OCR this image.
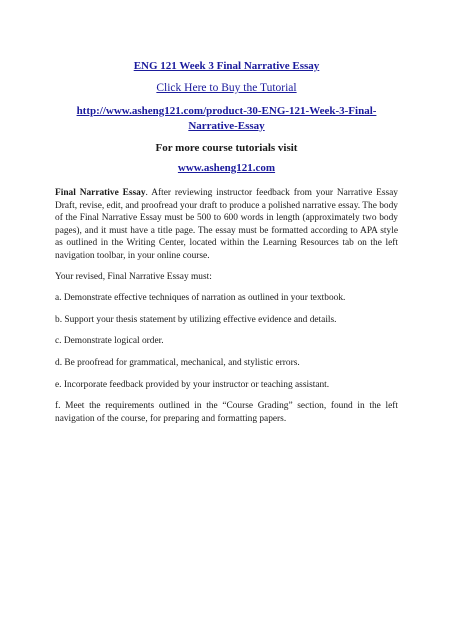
ENG 121 Week 3 Final Narrative Essay
Click Here to Buy the Tutorial
http://www.asheng121.com/product-30-ENG-121-Week-3-Final-Narrative-Essay
For more course tutorials visit
www.asheng121.com

Final Narrative Essay. After reviewing instructor feedback from your Narrative Essay Draft, revise, edit, and proofread your draft to produce a polished narrative essay. The body of the Final Narrative Essay must be 500 to 600 words in length (approximately two body pages), and it must have a title page. The essay must be formatted according to APA style as outlined in the Writing Center, located within the Learning Resources tab on the left navigation toolbar, in your online course.

Your revised, Final Narrative Essay must:

a. Demonstrate effective techniques of narration as outlined in your textbook.

b. Support your thesis statement by utilizing effective evidence and details.

c. Demonstrate logical order.

d. Be proofread for grammatical, mechanical, and stylistic errors.

e. Incorporate feedback provided by your instructor or teaching assistant.

f. Meet the requirements outlined in the “Course Grading” section, found in the left navigation of the course, for preparing and formatting papers.
